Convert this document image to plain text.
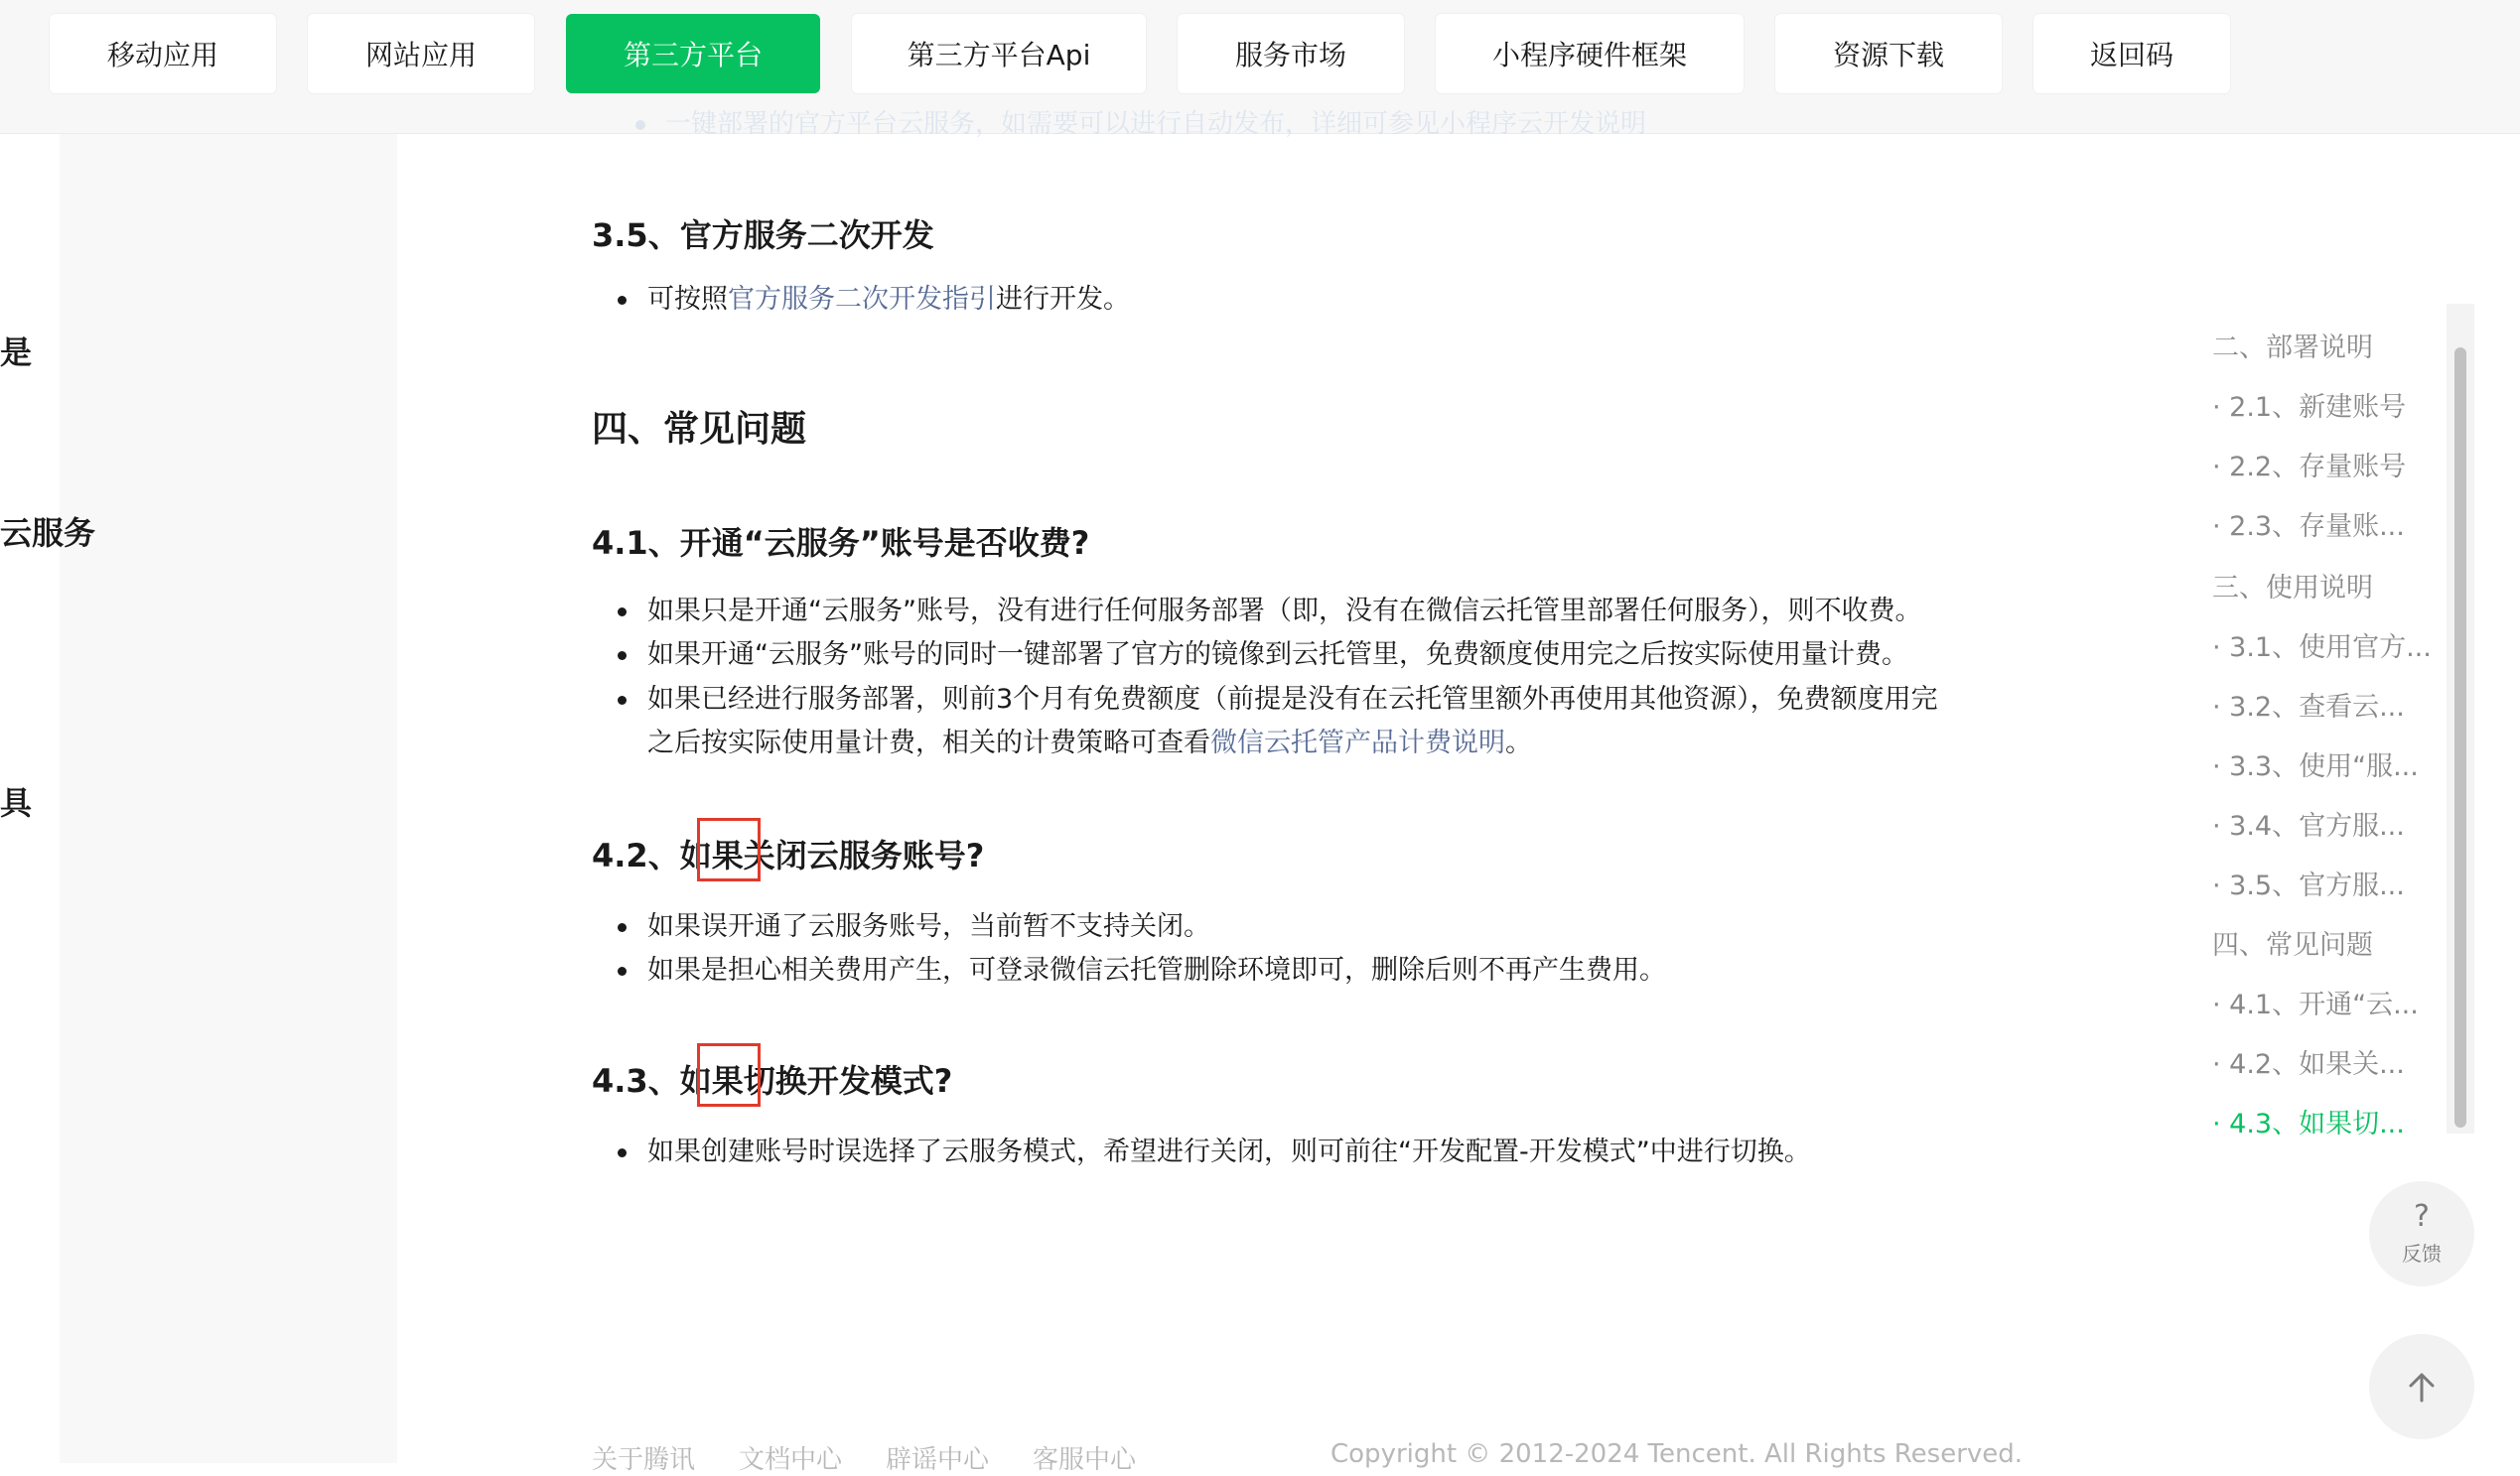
移动应用	网站应用	第三方平台	第三方平台Api	服务市场	小程序硬件框架	资源下载	返回码
一键部署的官方平台云服务，如需要可以进行自动发布，详细可参见小程序云开发说明
是
云服务
具
3.5、官方服务二次开发
可按照官方服务二次开发指引进行开发。
四、常见问题
4.1、开通“云服务”账号是否收费?
如果只是开通“云服务”账号，没有进行任何服务部署（即，没有在微信云托管里部署任何服务），则不收费。
如果开通“云服务”账号的同时一键部署了官方的镜像到云托管里，免费额度使用完之后按实际使用量计费。
如果已经进行服务部署，则前3个月有免费额度（前提是没有在云托管里额外再使用其他资源），免费额度用完
之后按实际使用量计费，相关的计费策略可查看微信云托管产品计费说明。
4.2、如果关闭云服务账号?
如果误开通了云服务账号，当前暂不支持关闭。
如果是担心相关费用产生，可登录微信云托管删除环境即可，删除后则不再产生费用。
4.3、如果切换开发模式?
如果创建账号时误选择了云服务模式，希望进行关闭，则可前往“开发配置-开发模式”中进行切换。
关于腾讯 文档中心 辟谣中心 客服中心	Copyright © 2012-2024 Tencent. All Rights Reserved.
二、部署说明
· 2.1、新建账号
· 2.2、存量账号
· 2.3、存量账...
三、使用说明
· 3.1、使用官方...
· 3.2、查看云...
· 3.3、使用“服...
· 3.4、官方服...
· 3.5、官方服...
四、常见问题
· 4.1、开通“云...
· 4.2、如果关...
· 4.3、如果切...
?
反馈
